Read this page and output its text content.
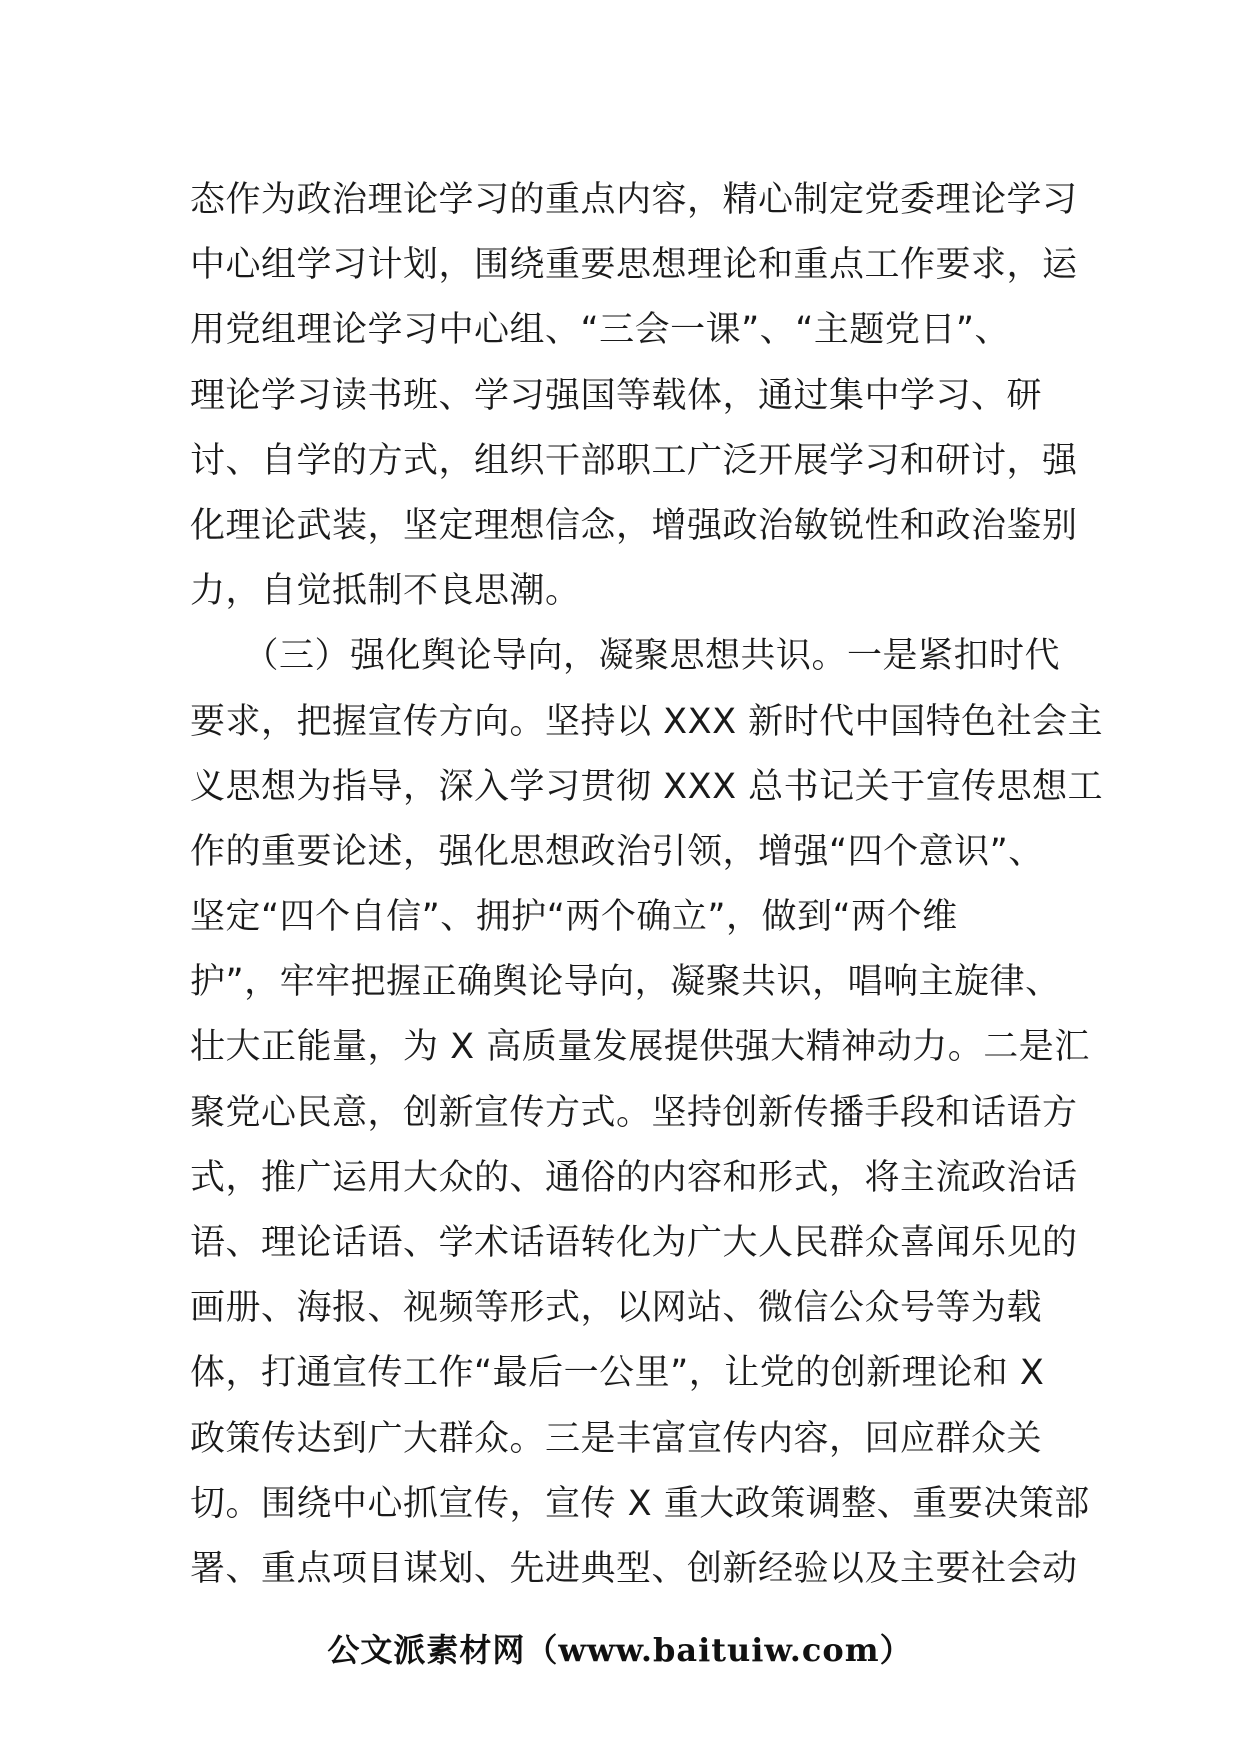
态作为政治理论学习的重点内容，精心制定党委理论学习
中心组学习计划，围绕重要思想理论和重点工作要求，运
用党组理论学习中心组、“三会一课”、“主题党日”、
理论学习读书班、学习强国等载体，通过集中学习、研
讨、自学的方式，组织干部职工广泛开展学习和研讨，强
化理论武装，坚定理想信念，增强政治敏锐性和政治鉴别
力，自觉抵制不良思潮。
　　（三）强化舆论导向，凝聚思想共识。一是紧扣时代
要求，把握宣传方向。坚持以 XXX 新时代中国特色社会主
义思想为指导，深入学习贯彻 XXX 总书记关于宣传思想工
作的重要论述，强化思想政治引领，增强“四个意识”、
坚定“四个自信”、拥护“两个确立”，做到“两个维
护”，牢牢把握正确舆论导向，凝聚共识，唱响主旋律、
壮大正能量，为 X 高质量发展提供强大精神动力。二是汇
聚党心民意，创新宣传方式。坚持创新传播手段和话语方
式，推广运用大众的、通俗的内容和形式，将主流政治话
语、理论话语、学术话语转化为广大人民群众喜闻乐见的
画册、海报、视频等形式，以网站、微信公众号等为载
体，打通宣传工作“最后一公里”，让党的创新理论和 X
政策传达到广大群众。三是丰富宣传内容，回应群众关
切。围绕中心抓宣传，宣传 X 重大政策调整、重要决策部
署、重点项目谋划、先进典型、创新经验以及主要社会动
公文派素材网（www.baituiw.com）
